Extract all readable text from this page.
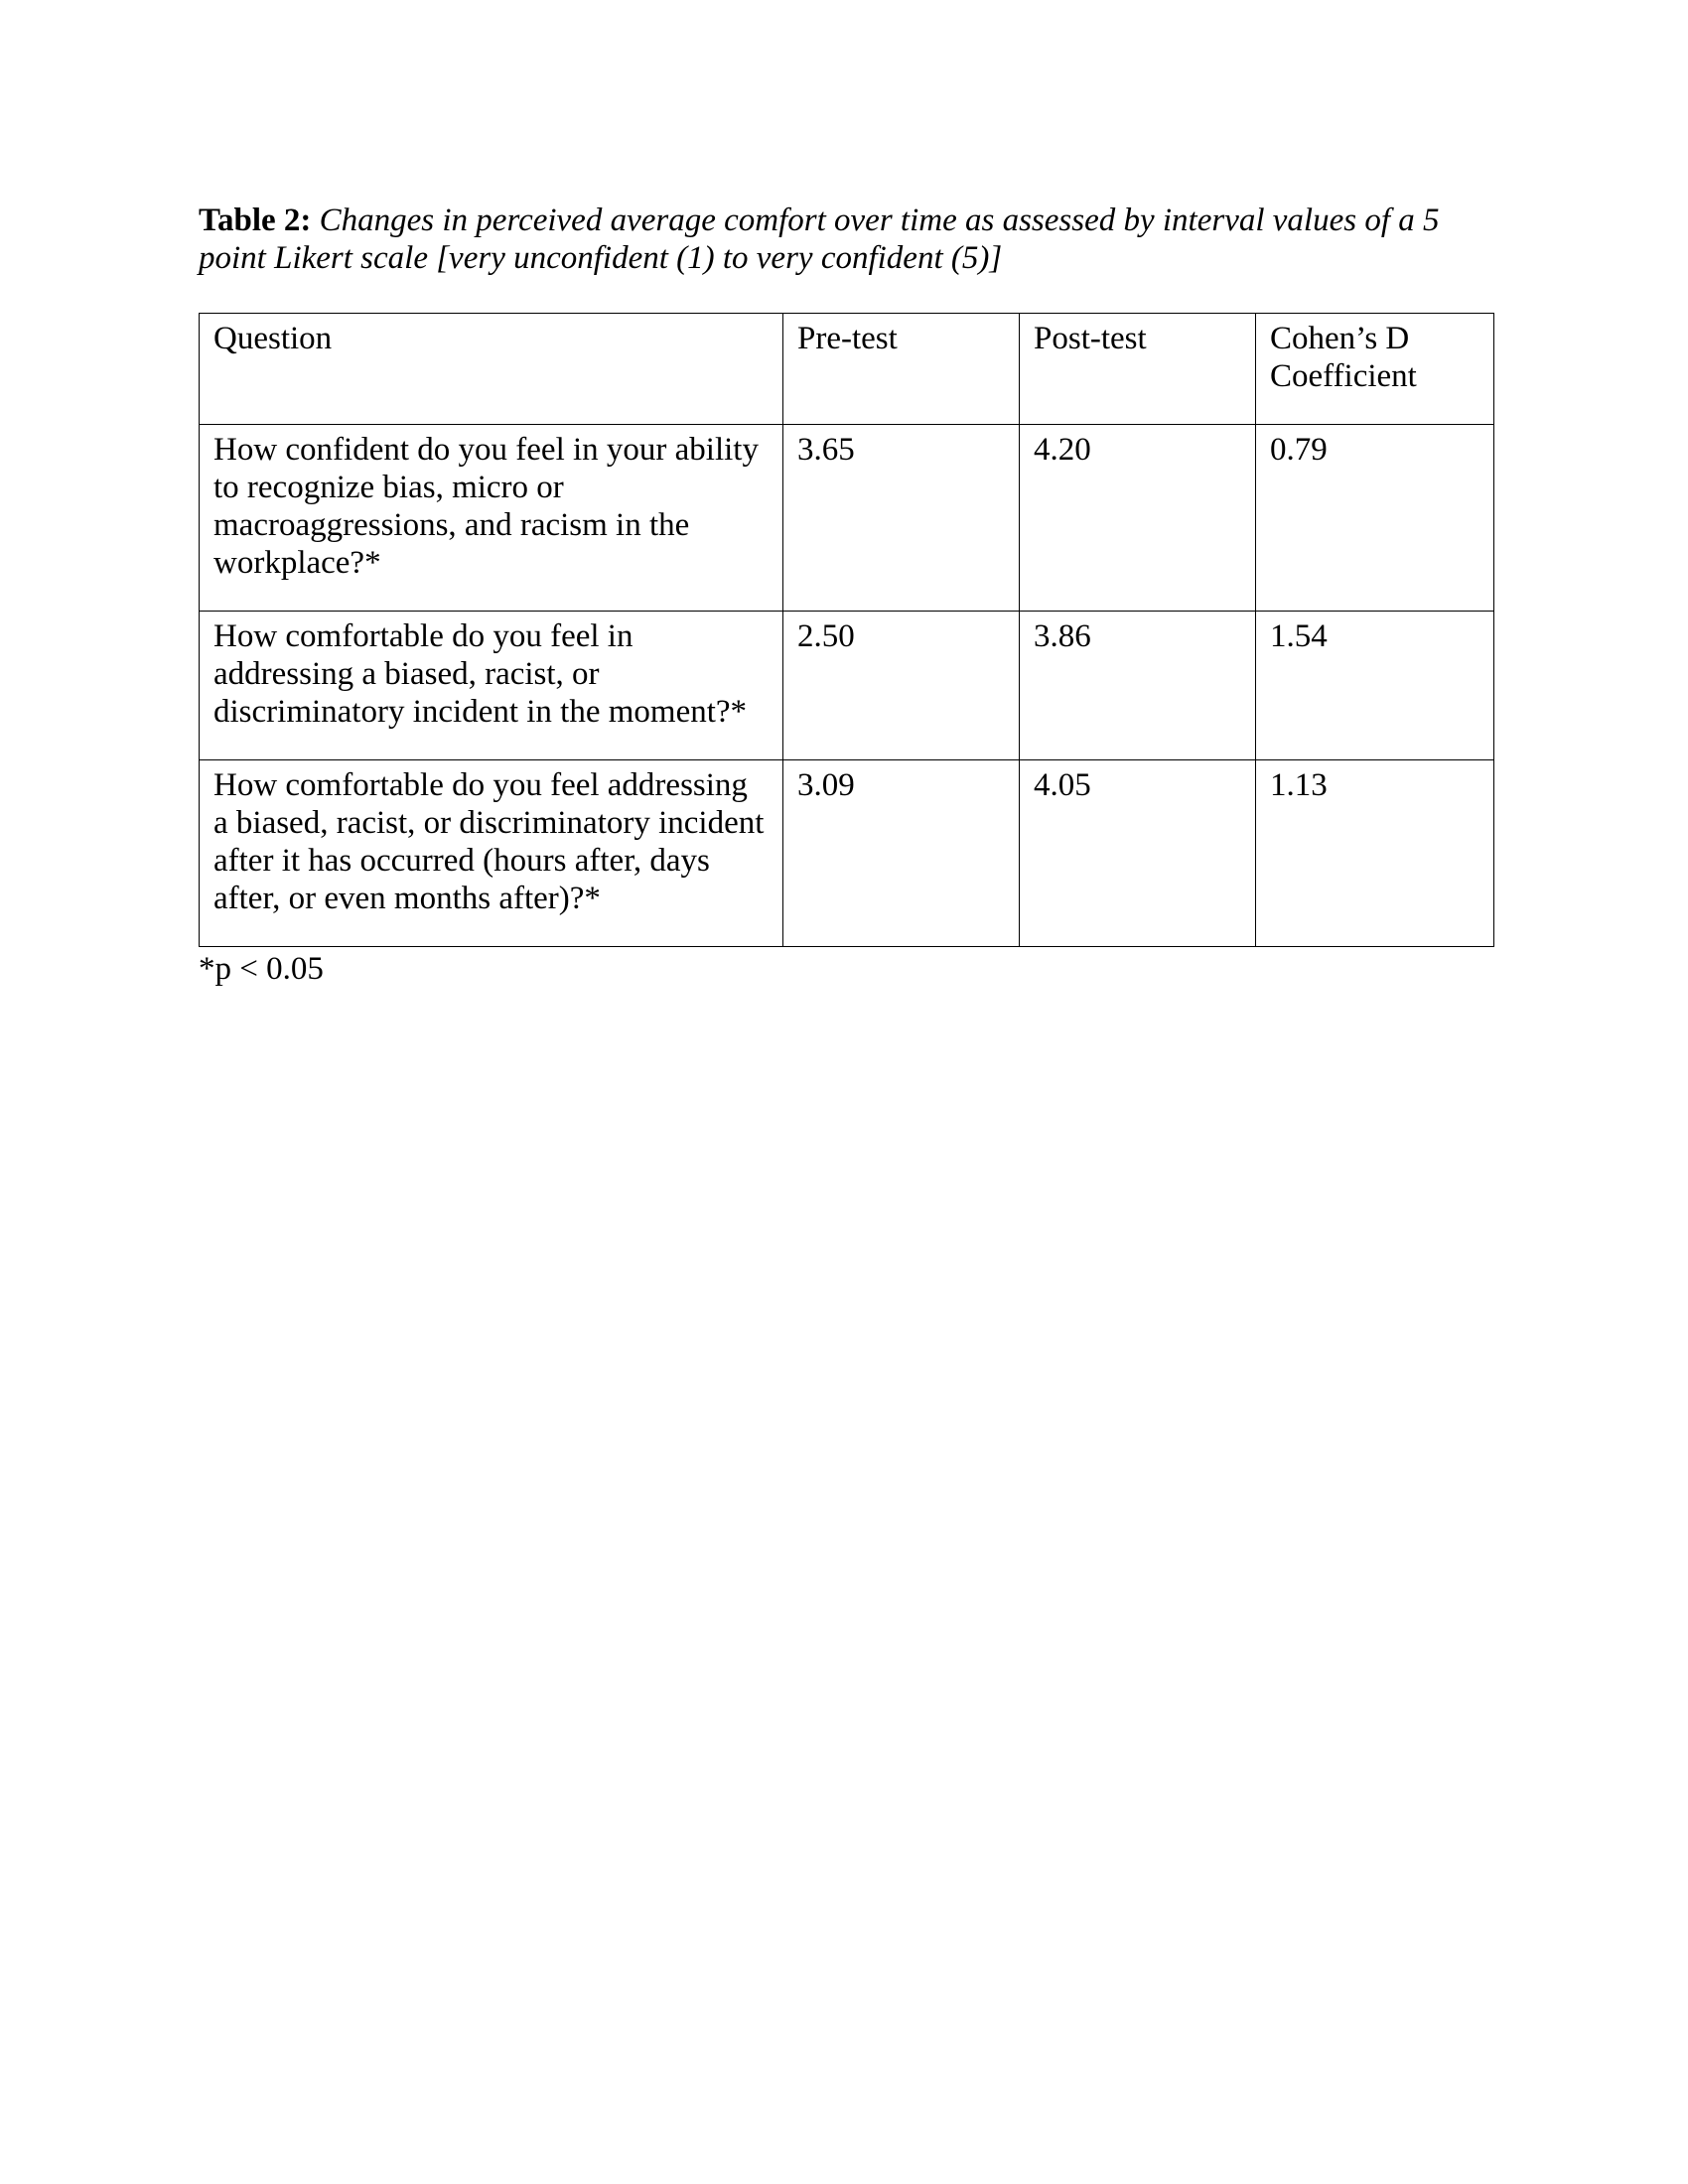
Table 2: Changes in perceived average comfort over time as assessed by interval values of a 5 point Likert scale [very unconfident (1) to very confident (5)]
Question	Pre-test	Post-test	Cohen’s D Coefficient
How confident do you feel in your ability to recognize bias, micro or macroaggressions, and racism in the workplace?*	3.65	4.20	0.79
How comfortable do you feel in addressing a biased, racist, or discriminatory incident in the moment?*	2.50	3.86	1.54
How comfortable do you feel addressing a biased, racist, or discriminatory incident after it has occurred (hours after, days after, or even months after)?*	3.09	4.05	1.13
*p < 0.05
